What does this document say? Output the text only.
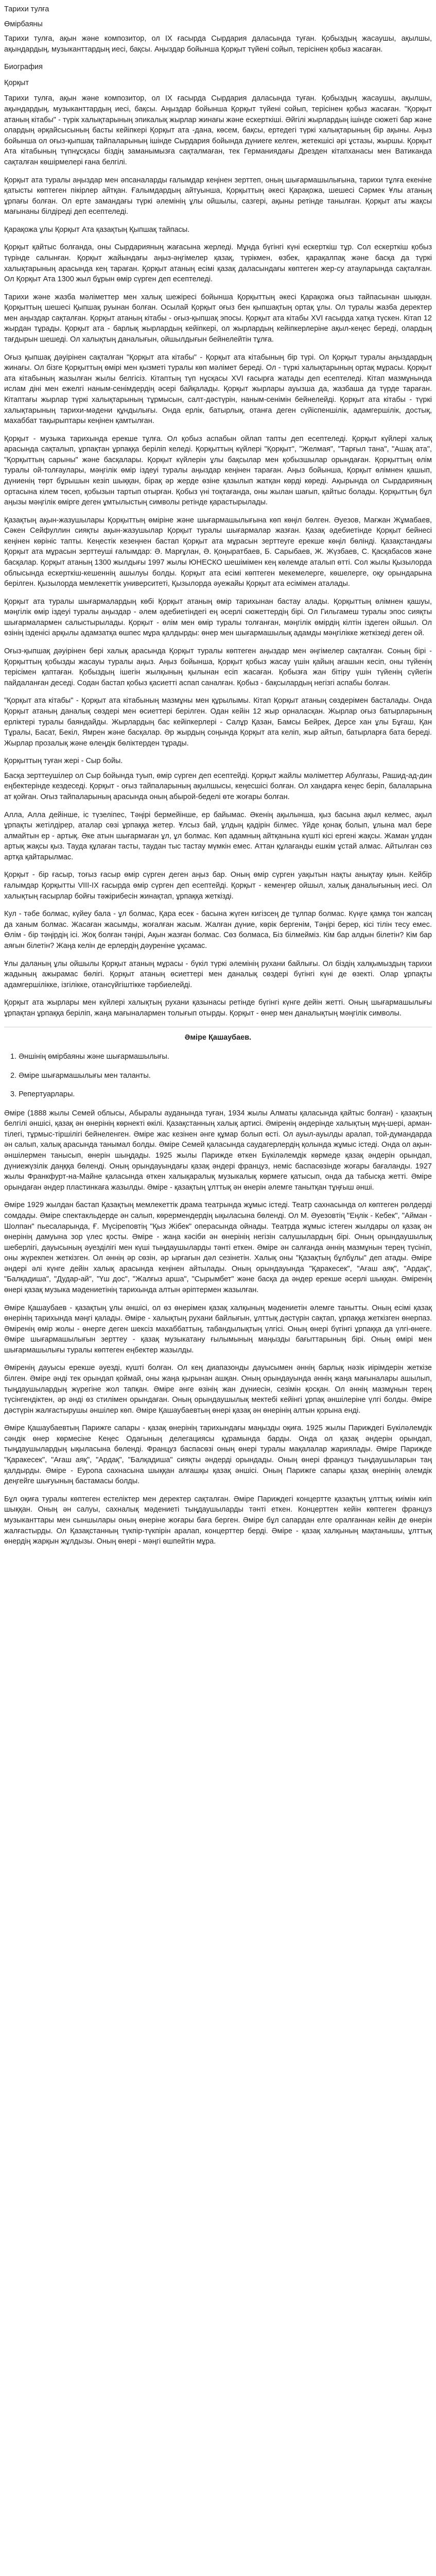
Тарихи тулға
Өмірбаяны

Тарихи тулға, ақын және композитор, ол IX ғасырда Сырдария даласында туған. Қобыздың жасаушы, ақылшы, ақындардың, музыканттардың иесі, бақсы. Аңыздар бойынша Қорқыт түйені сойып, терісінен қобыз жасаған.

Биография
Қорқыт

Тарихи тулға, ақын және композитор, ол IX ғасырда Сырдария даласында туған. Қобыздың жасаушы, ақылшы, ақындардың, музыканттардың иесі, бақсы. Аңыздар бойынша Қорқыт түйені сойып, терісінен қобыз жасаған. "Қорқыт атаның кітабы" - түрік халықтарының эпикалық жырлар жинағы және ескерткіші. Әйгілі жырлардың ішінде сюжеті бар және олардың әрқайсысының басты кейіпкері Қорқыт ата -дана, көсем, бақсы, ертедегі түркі халықтарының бір ақыны. Аңыз бойынша ол оғыз-қыпшақ тайпаларының ішінде Сырдария бойында дүниеге келген, жетекшісі әрі ұстазы, жыршы. Қорқыт Ата кітабының түпнұсқасы біздің заманымызға сақталмаған, тек Германиядағы Дрезден кітапханасы мен Ватиканда сақталған көшірмелері ғана белгілі.

Қорқыт ата туралы аңыздар мен әпсаналарды ғалымдар кеңінен зерттеп, оның шығармашылығына, тарихи тұлға екеніне қатысты көптеген пікірлер айтқан. Ғалымдардың айтуынша, Қорқыттың әкесі Қарақожа, шешесі Сәрмек Ұлы атаның ұрпағы болған. Ол ерте замандағы түркі әлемінің ұлы ойшылы, сазгері, ақыны ретінде танылған. Қорқыт аты жақсы мағынаны білдіреді деп есептеледі.

Қарақожа ұлы Қорқыт Ата қазақтың Қыпшақ тайпасы.

Қорқыт қайтыс болғанда, оны Сырдарияның жағасына жерледі. Мұнда бүгінгі күні ескерткіш тұр. Сол ескерткіш қобыз түрінде салынған. Қорқыт жайындағы аңыз-әңгімелер қазақ, түрікмен, өзбек, қарақалпақ және басқа да түркі халықтарының арасында кең тараған. Қорқыт атаның есімі қазақ даласындағы көптеген жер-су атауларында сақталған. Ол Қорқыт Ата 1300 жыл бұрын өмір сүрген деп есептеледі.

Тарихи және жазба мәліметтер мен халық шежіресі бойынша Қорқыттың әкесі Қарақожа оғыз тайпасынан шыққан. Қорқыттың шешесі Қыпшақ руынан болған. Осылай Қорқыт оғыз бен қыпшақтың ортақ ұлы. Ол туралы жазба деректер мен аңыздар сақталған. Қорқыт атаның кітабы - оғыз-қыпшақ эпосы. Қорқыт ата кітабы XVI ғасырда хатқа түскен. Кітап 12 жырдан тұрады. Қорқыт ата - барлық жырлардың кейіпкері, ол жырлардың кейіпкерлеріне ақыл-кеңес береді, олардың тағдырын шешеді. Ол халықтың даналығын, ойшылдығын бейнелейтін тұлға.

Оғыз қыпшақ дәуірінен сақталған "Қорқыт ата кітабы" - Қорқыт ата кітабының бір түрі. Ол Қорқыт туралы аңыздардың жинағы. Ол бізге Қорқыттың өмірі мен қызметі туралы көп мәлімет береді. Ол - түркі халықтарының ортақ мұрасы. Қорқыт ата кітабының жазылған жылы белгісіз. Кітаптың түп нұсқасы XVI ғасырға жатады деп есептеледі. Кітап мазмұнында ислам діні мен ежелгі наным-сенімдердің әсері байқалады. Қорқыт жырлары ауызша да, жазбаша да түрде тараған. Кітаптағы жырлар түркі халықтарының тұрмысын, салт-дәстүрін, наным-сенімін бейнелейді. Қорқыт ата кітабы - түркі халықтарының тарихи-мәдени құндылығы. Онда ерлік, батырлық, отанға деген сүйіспеншілік, адамгершілік, достық, махаббат тақырыптары кеңінен қамтылған.

Қорқыт - музыка тарихында ерекше тұлға. Ол қобыз аспабын ойлап тапты деп есептеледі. Қорқыт күйлері халық арасында сақталып, ұрпақтан ұрпаққа беріліп келеді. Қорқыттың күйлері "Қорқыт", "Желмая", "Тарғыл тана", "Ашақ ата", "Қорқыттың сарыны" және басқалары. Қорқыт күйлерін ұлы бақсылар мен қобызшылар орындаған. Қорқыттың өлім туралы ой-толғаулары, мәңгілік өмір іздеуі туралы аңыздар кеңінен тараған. Аңыз бойынша, Қорқыт өлімнен қашып, дүниенің төрт бұрышын кезіп шыққан, бірақ әр жерде өзіне қазылып жатқан көрді көреді. Ақырында ол Сырдарияның ортасына кілем төсеп, қобызын тартып отырған. Қобыз үні тоқтағанда, оны жылан шағып, қайтыс болады. Қорқыттың бұл аңызы мәңгілік өмірге деген ұмтылыстың символы ретінде қарастырылады.

Қазақтың ақын-жазушылары Қорқыттың өміріне және шығармашылығына көп көңіл бөлген. Әуезов, Мағжан Жұмабаев, Сәкен Сейфуллин сияқты ақын-жазушылар Қорқыт туралы шығармалар жазған. Қазақ әдебиетінде Қорқыт бейнесі кеңінен көрініс тапты. Кеңестік кезеңнен бастап Қорқыт ата мұрасын зерттеуге ерекше көңіл бөлінді. Қазақстандағы Қорқыт ата мұрасын зерттеуші ғалымдар: Ә. Марғұлан, Ә. Қоңыратбаев, Б. Сарыбаев, Ж. Жүзбаев, С. Қасқабасов және басқалар. Қорқыт атаның 1300 жылдығы 1997 жылы ЮНЕСКО шешімімен кең көлемде аталып өтті. Сол жылы Қызылорда облысында ескерткіш-кешеннің ашылуы болды. Қорқыт ата есімі көптеген мекемелерге, көшелерге, оқу орындарына берілген. Қызылорда мемлекеттік университеті, Қызылорда әуежайы Қорқыт ата есімімен аталады.

Қорқыт ата туралы шығармалардың көбі Қорқыт атаның өмір тарихынан бастау алады. Қорқыттың өлімнен қашуы, мәңгілік өмір іздеуі туралы аңыздар - әлем әдебиетіндегі ең әсерлі сюжеттердің бірі. Ол Гильгамеш туралы эпос сияқты шығармалармен салыстырылады. Қорқыт - өлім мен өмір туралы толғанған, мәңгілік өмірдің кілтін іздеген ойшыл. Ол өзінің ізденісі арқылы адамзатқа өшпес мұра қалдырды: өнер мен шығармашылық адамды мәңгілікке жеткізеді деген ой.

Оғыз-қыпшақ дәуірінен бері халық арасында Қорқыт туралы көптеген аңыздар мен әңгімелер сақталған. Соның бірі - Қорқыттың қобызды жасауы туралы аңыз. Аңыз бойынша, Қорқыт қобыз жасау үшін қайың ағашын кесіп, оны түйенің терісімен қаптаған. Қобыздың ішегін жылқының қылынан есіп жасаған. Қобызға жан бітіру үшін түйенің сүйегін пайдаланған деседі. Содан бастап қобыз қасиетті аспап саналған. Қобыз - бақсылардың негізгі аспабы болған.

"Қорқыт ата кітабы" - Қорқыт ата кітабының мазмұны мен құрылымы. Кітап Қорқыт атаның сөздерімен басталады. Онда Қорқыт атаның даналық сөздері мен өсиеттері берілген. Одан кейін 12 жыр орналасқан. Жырлар оғыз батырларының ерліктері туралы баяндайды. Жырлардың бас кейіпкерлері - Салұр Қазан, Бамсы Бейрек, Дерсе хан ұлы Бұғаш, Қан Тұралы, Басат, Бекіл, Ямрен және басқалар. Әр жырдың соңында Қорқыт ата келіп, жыр айтып, батырларға бата береді. Жырлар прозалық және өлеңдік бөліктерден тұрады.

Қорқыттың туған жері - Сыр бойы.

Басқа зерттеушілер ол Сыр бойында туып, өмір сүрген деп есептейді. Қорқыт жайлы мәліметтер Абулғазы, Рашид-ад-дин еңбектерінде кездеседі. Қорқыт - оғыз тайпаларының ақылшысы, кеңесшісі болған. Ол хандарға кеңес беріп, балаларына ат қойған. Оғыз тайпаларының арасында оның абырой-беделі өте жоғары болған.

Алла, Алла дейінше, іс түзеліпес, Тәңірі бермейінше, ер байымас. Әкенің ақылынша, қыз басына ақыл келмес, ақыл ұрпақты жетілдірер, аталар сөзі ұрпаққа жетер. Ұлсыз бай, ұлдың қадірін білмес. Үйде қонақ болып, ұлына мал бере алмайтын ер - артық. Әке атын шығармаған ұл, ұл болмас. Көп адамның айтқанына күшті кісі ергені жақсы. Жаман ұлдан артық жақсы қыз. Тауда құлаған тасты, таудан тыс тастау мүмкін емес. Аттан құлағанды ешкім ұстай алмас. Айтылған сөз артқа қайтарылмас.

Қорқыт - бір ғасыр, тоғыз ғасыр өмір сүрген деген аңыз бар. Оның өмір сүрген уақытын нақты анықтау қиын. Кейбір ғалымдар Қорқытты VIII-IX ғасырда өмір сүрген деп есептейді. Қорқыт - кемеңгер ойшыл, халық даналығының иесі. Ол халықтың ғасырлар бойғы тәжірибесін жинақтап, ұрпаққа жеткізді.

Кул - тәбе болмас, күйеу бала - ұл болмас, Қара есек - басына жүген кигізсең де тұлпар болмас. Күңге қамқа тон жапсаң да ханым болмас. Жасаған жасымды, жоғалған жасым. Жалған дүние, көрік бергенім, Тәңірі берер, кісі тілін тесу емес. Өлім - бір тәңірдің ісі. Жоқ болған тәңірі, Ақын жазған болмас. Сөз болмаса, Біз білмейміз. Кім бар алдын білетін? Кім бар аяғын білетін? Жаңа келін де ерлердің дәуреніне ұқсамас.

Ұлы даланың ұлы ойшылы Қорқыт атаның мұрасы - бүкіл түркі әлемінің рухани байлығы. Ол біздің халқымыздың тарихи жадының ажырамас бөлігі. Қорқыт атаның өсиеттері мен даналық сөздері бүгінгі күні де өзекті. Олар ұрпақты адамгершілікке, ізгілікке, отансүйгіштікке тәрбиелейді.

Қорқыт ата жырлары мен күйлері халықтың рухани қазынасы ретінде бүгінгі күнге дейін жетті. Оның шығармашылығы ұрпақтан ұрпаққа беріліп, жаңа мағыналармен толығып отырды. Қорқыт - өнер мен даналықтың мәңгілік символы.

Әміре Қашаубаев.
1. Әншінің өмірбаяны және шығармашылығы.
2. Әміре шығармашылығы мен таланты.
3. Репертуарлары.

Әміре (1888 жылы Семей облысы, Абыралы ауданында туған, 1934 жылы Алматы қаласында қайтыс болған) - қазақтың белгілі әншісі, қазақ ән өнерінің көрнекті өкілі. Қазақстанның халық артисі. Әміренің әндерінде халықтың мұң-шері, арман-тілегі, тұрмыс-тіршілігі бейнеленген. Әміре жас кезінен әнге құмар болып өсті. Ол ауыл-ауылды аралап, той-думандарда ән салып, халық арасында танымал болды. Әміре Семей қаласында саудагерлердің қолында жұмыс істеді. Онда ол ақын-әншілермен танысып, өнерін шыңдады. 1925 жылы Парижде өткен Бүкіләлемдік көрмеде қазақ әндерін орындап, дүниежүзілік даңққа бөленді. Оның орындауындағы қазақ әндері француз, неміс баспасөзінде жоғары бағаланды. 1927 жылы Франкфурт-на-Майне қаласында өткен халықаралық музыкалық көрмеге қатысып, онда да табысқа жетті. Әміре орындаған әндер пластинкаға жазылды. Әміре - қазақтың ұлттық ән өнерін әлемге танытқан тұңғыш әнші.

Әміре 1929 жылдан бастап Қазақтың мемлекеттік драма театрында жұмыс істеді. Театр сахнасында ол көптеген рөлдерді сомдады. Әміре спектакльдерде ән салып, көрермендердің ықыласына бөленді. Ол М. Әуезовтің "Еңлік - Кебек", "Айман - Шолпан" пьесаларында, Ғ. Мүсіреповтің "Қыз Жібек" операсында ойнады. Театрда жұмыс істеген жылдары ол қазақ ән өнерінің дамуына зор үлес қосты. Әміре - жаңа кәсіби ән өнерінің негізін салушылардың бірі. Оның орындаушылық шеберлігі, дауысының әуезділігі мен күші тыңдаушыларды тәнті еткен. Әміре ән салғанда әннің мазмұнын терең түсініп, оны жүрекпен жеткізген. Ол әннің әр сөзін, әр ырғағын дәл сезінетін. Халық оны "Қазақтың бұлбұлы" деп атады. Әміре әндері әлі күнге дейін халық арасында кеңінен айтылады. Оның орындауында "Қаракесек", "Ағаш аяқ", "Ардақ", "Балқадиша", "Дудар-ай", "Үш дос", "Жалғыз арша", "Сырымбет" және басқа да әндер ерекше әсерлі шыққан. Әміренің өнері қазақ музыка мәдениетінің тарихында алтын әріптермен жазылған.

Әміре Қашаубаев - қазақтың ұлы әншісі, ол өз өнерімен қазақ халқының мәдениетін әлемге танытты. Оның есімі қазақ өнерінің тарихында мәңгі қалады. Әміре - халықтың рухани байлығын, ұлттық дәстүрін сақтап, ұрпаққа жеткізген өнерпаз. Әміренің өмір жолы - өнерге деген шексіз махаббаттың, табандылықтың үлгісі. Оның өнері бүгінгі ұрпаққа да үлгі-өнеге. Әміре шығармашылығын зерттеу - қазақ музыкатану ғылымының маңызды бағыттарының бірі. Оның өмірі мен шығармашылығы туралы көптеген еңбектер жазылды.

Әміренің дауысы ерекше әуезді, күшті болған. Ол кең диапазонды дауысымен әннің барлық нәзік иірімдерін жеткізе білген. Әміре әнді тек орындап қоймай, оны жаңа қырынан ашқан. Оның орындауында әннің жаңа мағыналары ашылып, тыңдаушылардың жүрегіне жол тапқан. Әміре әнге өзінің жан дүниесін, сезімін қосқан. Ол әннің мазмұнын терең түсінгендіктен, әр әнді өз стилімен орындаған. Оның орындаушылық мектебі кейінгі ұрпақ әншілеріне үлгі болды. Әміре дәстүрін жалғастырушы әншілер көп. Әміре Қашаубаевтың өнері қазақ ән өнерінің алтын қорына енді.

Әміре Қашаубаевтың Парижге сапары - қазақ өнерінің тарихындағы маңызды оқиға. 1925 жылы Париждегі Бүкіләлемдік сәндік өнер көрмесіне Кеңес Одағының делегациясы құрамында барды. Онда ол қазақ әндерін орындап, тыңдаушылардың ықыласына бөленді. Француз баспасөзі оның өнері туралы мақалалар жариялады. Әміре Парижде "Қаракесек", "Ағаш аяқ", "Ардақ", "Балқадиша" сияқты әндерді орындады. Оның өнері француз тыңдаушыларын таң қалдырды. Әміре - Еуропа сахнасына шыққан алғашқы қазақ әншісі. Оның Парижге сапары қазақ өнерінің әлемдік деңгейге шығуының бастамасы болды.

Бұл оқиға туралы көптеген естеліктер мен деректер сақталған. Әміре Париждегі концертте қазақтың ұлттық киімін киіп шыққан. Оның ән салуы, сахналық мәдениеті тыңдаушыларды тәнті еткен. Концерттен кейін көптеген француз музыканттары мен сыншылары оның өнеріне жоғары баға берген. Әміре бұл сапардан елге оралғаннан кейін де өнерін жалғастырды. Ол Қазақстанның түкпір-түкпірін аралап, концерттер берді. Әміре - қазақ халқының мақтанышы, ұлттық өнердің жарқын жұлдызы. Оның өнері - мәңгі өшпейтін мұра.
